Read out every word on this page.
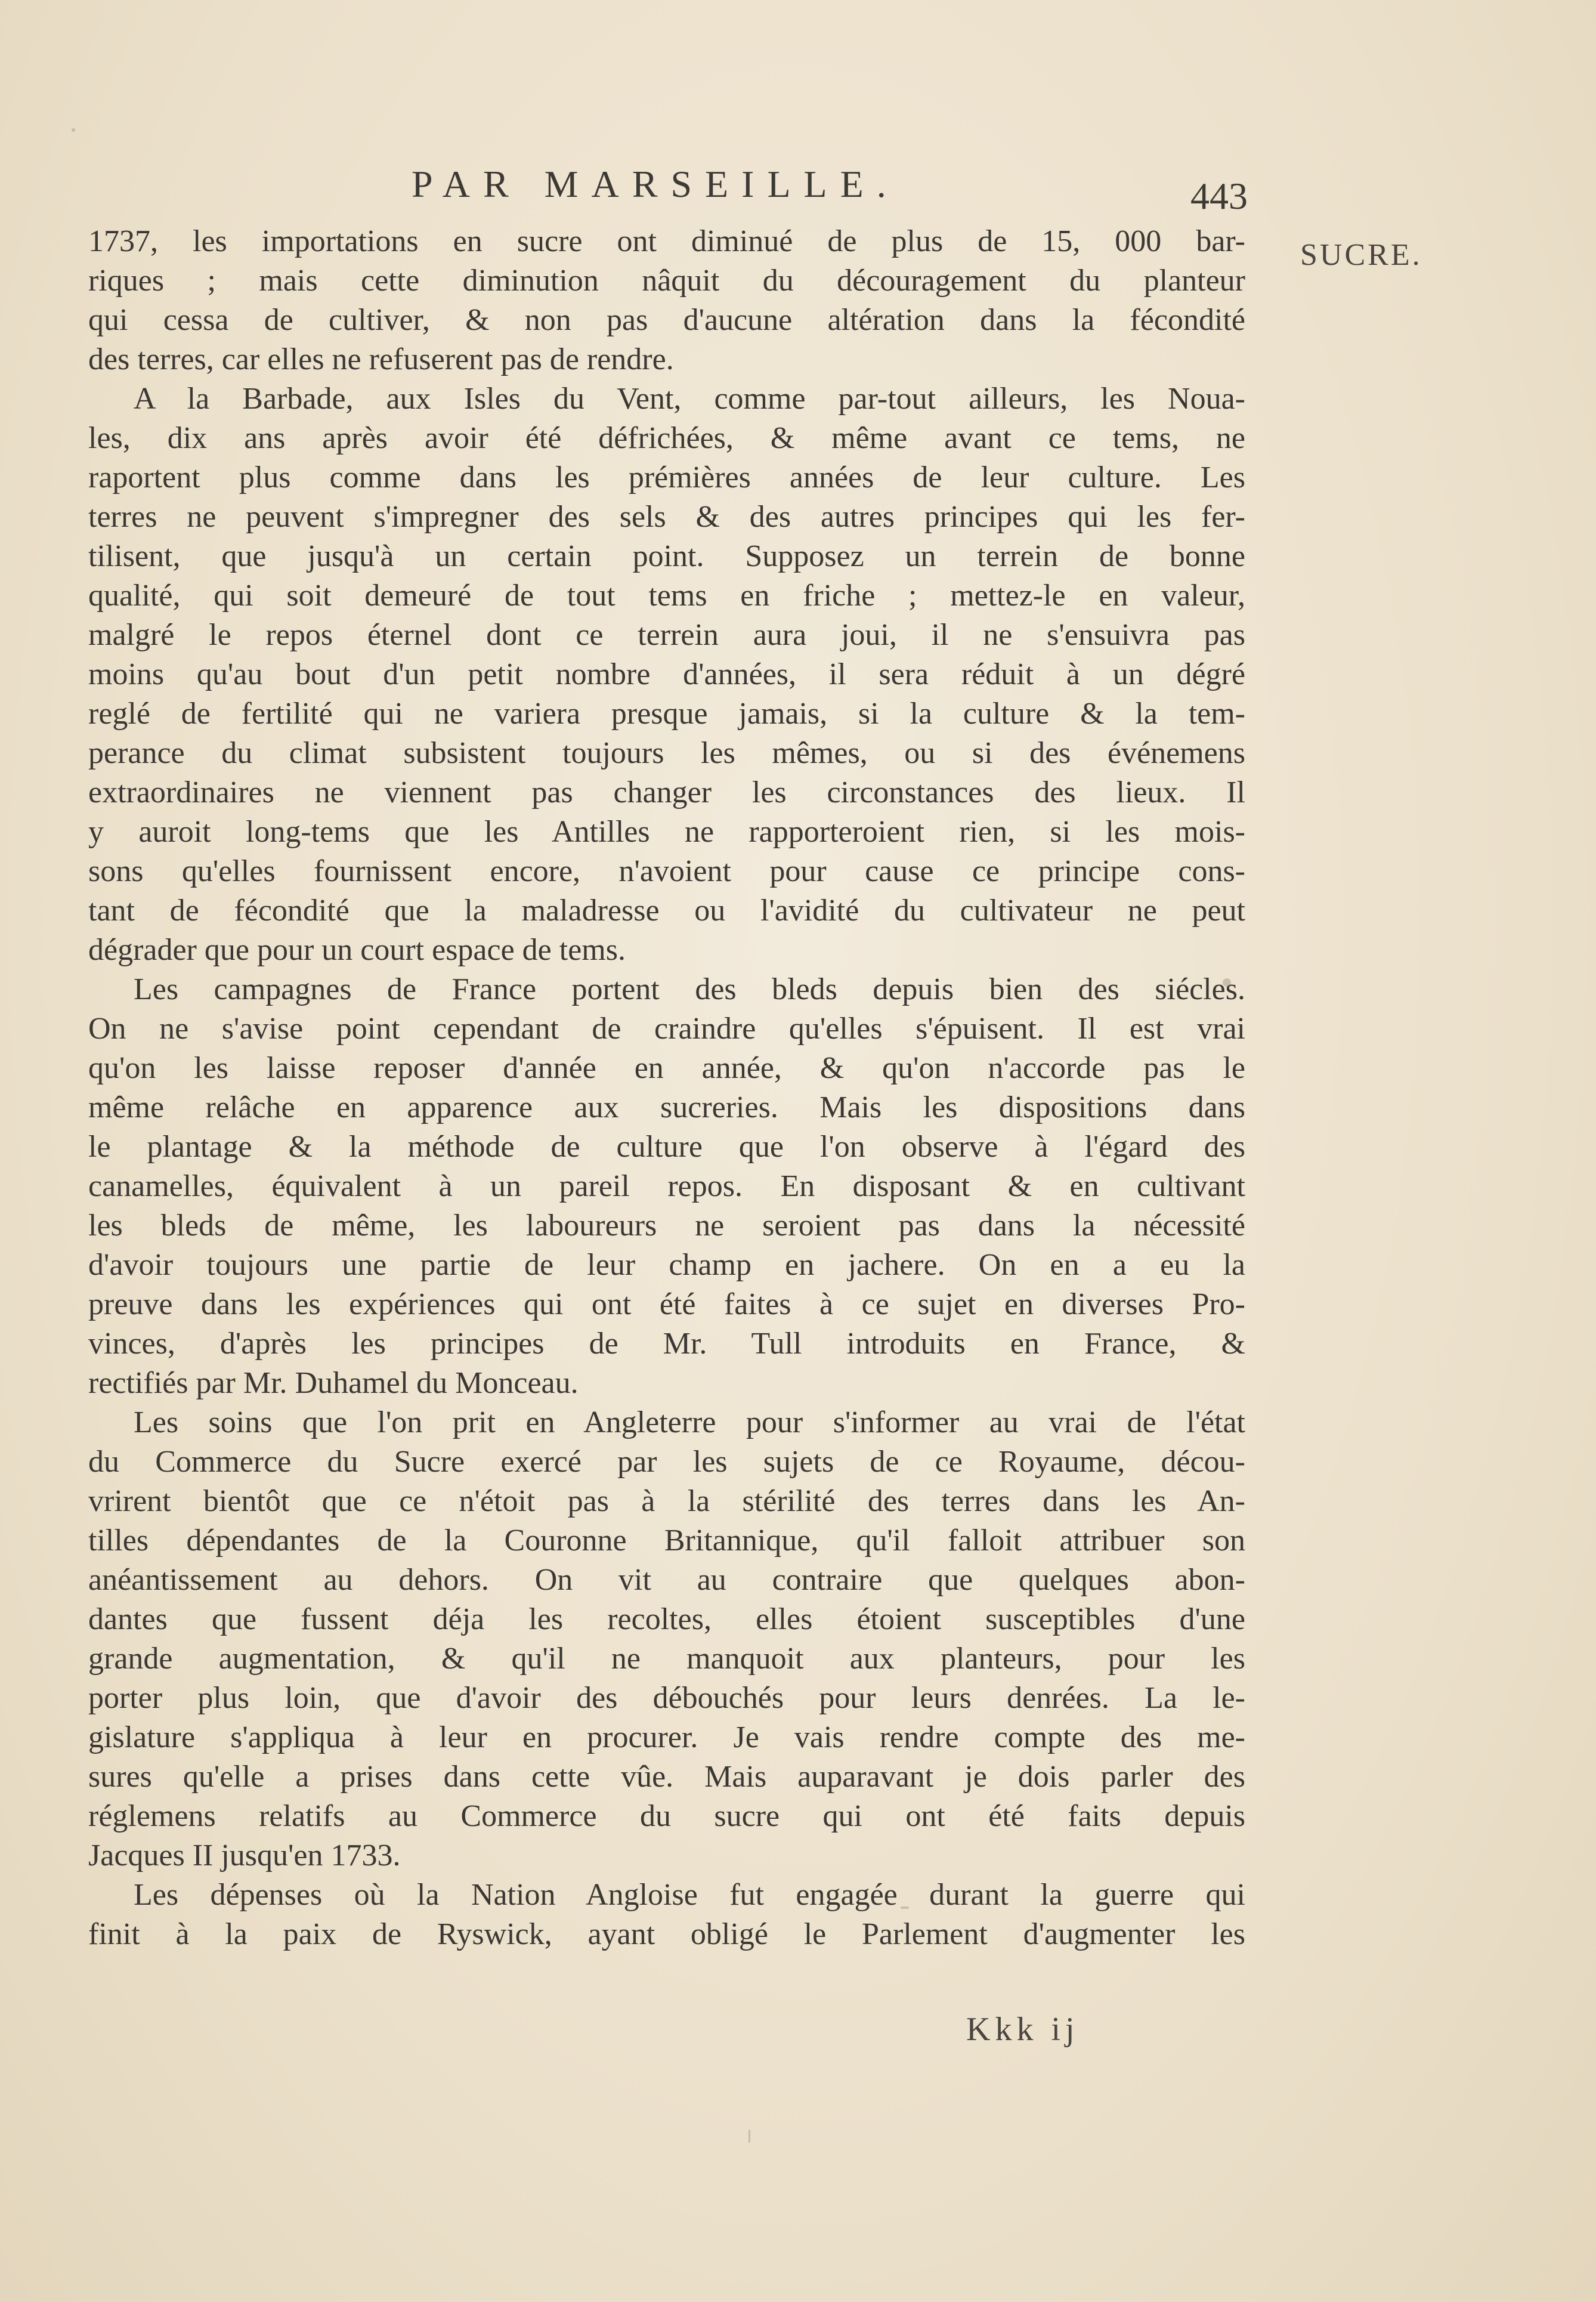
PAR MARSEILLE.	443
SUCRE.
1737, les importations en sucre ont diminué de plus de 15, 000 bar-
riques ; mais cette diminution nâquit du découragement du planteur
qui cessa de cultiver, & non pas d'aucune altération dans la fécondité
des terres, car elles ne refuserent pas de rendre.
A la Barbade, aux Isles du Vent, comme par-tout ailleurs, les Noua-
les, dix ans après avoir été défrichées, & même avant ce tems, ne
raportent plus comme dans les prémières années de leur culture. Les
terres ne peuvent s'impregner des sels & des autres principes qui les fer-
tilisent, que jusqu'à un certain point. Supposez un terrein de bonne
qualité, qui soit demeuré de tout tems en friche ; mettez-le en valeur,
malgré le repos éternel dont ce terrein aura joui, il ne s'ensuivra pas
moins qu'au bout d'un petit nombre d'années, il sera réduit à un dégré
reglé de fertilité qui ne variera presque jamais, si la culture & la tem-
perance du climat subsistent toujours les mêmes, ou si des événemens
extraordinaires ne viennent pas changer les circonstances des lieux. Il
y auroit long-tems que les Antilles ne rapporteroient rien, si les mois-
sons qu'elles fournissent encore, n'avoient pour cause ce principe cons-
tant de fécondité que la maladresse ou l'avidité du cultivateur ne peut
dégrader que pour un court espace de tems.
Les campagnes de France portent des bleds depuis bien des siécles.
On ne s'avise point cependant de craindre qu'elles s'épuisent. Il est vrai
qu'on les laisse reposer d'année en année, & qu'on n'accorde pas le
même relâche en apparence aux sucreries. Mais les dispositions dans
le plantage & la méthode de culture que l'on observe à l'égard des
canamelles, équivalent à un pareil repos. En disposant & en cultivant
les bleds de même, les laboureurs ne seroient pas dans la nécessité
d'avoir toujours une partie de leur champ en jachere. On en a eu la
preuve dans les expériences qui ont été faites à ce sujet en diverses Pro-
vinces, d'après les principes de Mr. Tull introduits en France, &
rectifiés par Mr. Duhamel du Monceau.
Les soins que l'on prit en Angleterre pour s'informer au vrai de l'état
du Commerce du Sucre exercé par les sujets de ce Royaume, décou-
vrirent bientôt que ce n'étoit pas à la stérilité des terres dans les An-
tilles dépendantes de la Couronne Britannique, qu'il falloit attribuer son
anéantissement au dehors. On vit au contraire que quelques abon-
dantes que fussent déja les recoltes, elles étoient susceptibles d'une
grande augmentation, & qu'il ne manquoit aux planteurs, pour les
porter plus loin, que d'avoir des débouchés pour leurs denrées. La le-
gislature s'appliqua à leur en procurer. Je vais rendre compte des me-
sures qu'elle a prises dans cette vûe. Mais auparavant je dois parler des
réglemens relatifs au Commerce du sucre qui ont été faits depuis
Jacques II jusqu'en 1733.
Les dépenses où la Nation Angloise fut engagée durant la guerre qui
finit à la paix de Ryswick, ayant obligé le Parlement d'augmenter les
Kkk ij
